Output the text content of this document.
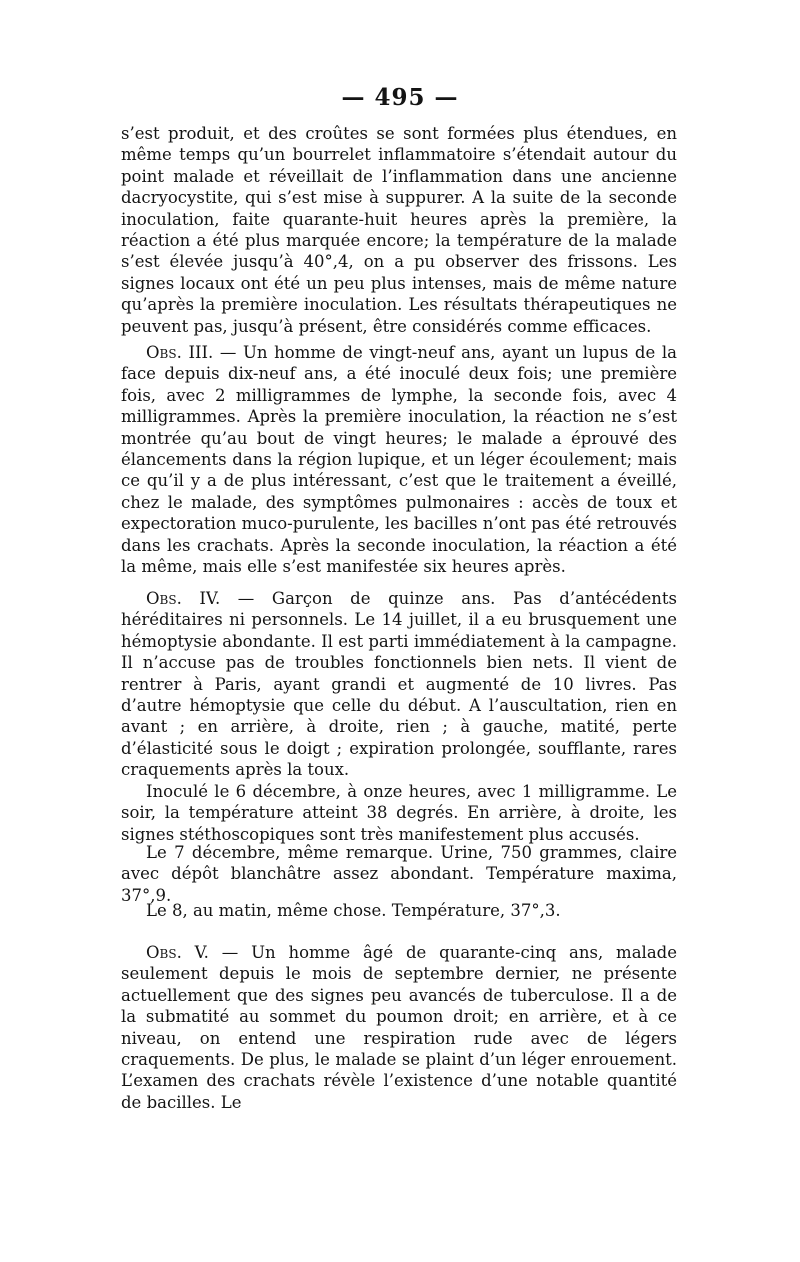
— 495 —
s’est produit, et des croûtes se sont formées plus étendues, en même temps qu’un bourrelet inflammatoire s’étendait autour du point malade et réveillait de l’inflammation dans une ancienne dacryocystite, qui s’est mise à suppurer. A la suite de la seconde inoculation, faite quarante-huit heures après la première, la réaction a été plus marquée encore; la température de la malade s’est élevée jusqu’à 40°,4, on a pu observer des frissons. Les signes locaux ont été un peu plus intenses, mais de même nature qu’après la première inoculation. Les résultats thérapeutiques ne peuvent pas, jusqu’à présent, être considérés comme efficaces.
Obs. III. — Un homme de vingt-neuf ans, ayant un lupus de la face depuis dix-neuf ans, a été inoculé deux fois; une première fois, avec 2 milligrammes de lymphe, la seconde fois, avec 4 milligrammes. Après la première inoculation, la réaction ne s’est montrée qu’au bout de vingt heures; le malade a éprouvé des élancements dans la région lupique, et un léger écoulement; mais ce qu’il y a de plus intéressant, c’est que le traitement a éveillé, chez le malade, des symptômes pulmonaires : accès de toux et expectoration muco-purulente, les bacilles n’ont pas été retrouvés dans les crachats. Après la seconde inoculation, la réaction a été la même, mais elle s’est manifestée six heures après.
Obs. IV. — Garçon de quinze ans. Pas d’antécédents héréditaires ni personnels. Le 14 juillet, il a eu brusquement une hémoptysie abondante. Il est parti immédiatement à la campagne. Il n’accuse pas de troubles fonctionnels bien nets. Il vient de rentrer à Paris, ayant grandi et augmenté de 10 livres. Pas d’autre hémoptysie que celle du début. A l’auscultation, rien en avant ; en arrière, à droite, rien ; à gauche, matité, perte d’élasticité sous le doigt ; expiration prolongée, soufflante, rares craquements après la toux.
Inoculé le 6 décembre, à onze heures, avec 1 milligramme. Le soir, la température atteint 38 degrés. En arrière, à droite, les signes stéthoscopiques sont très manifestement plus accusés.
Le 7 décembre, même remarque. Urine, 750 grammes, claire avec dépôt blanchâtre assez abondant. Température maxima, 37°,9.
Le 8, au matin, même chose. Température, 37°,3.
Obs. V. — Un homme âgé de quarante-cinq ans, malade seulement depuis le mois de septembre dernier, ne présente actuellement que des signes peu avancés de tuberculose. Il a de la submatité au sommet du poumon droit; en arrière, et à ce niveau, on entend une respiration rude avec de légers craquements. De plus, le malade se plaint d’un léger enrouement. L’examen des crachats révèle l’existence d’une notable quantité de bacilles. Le
